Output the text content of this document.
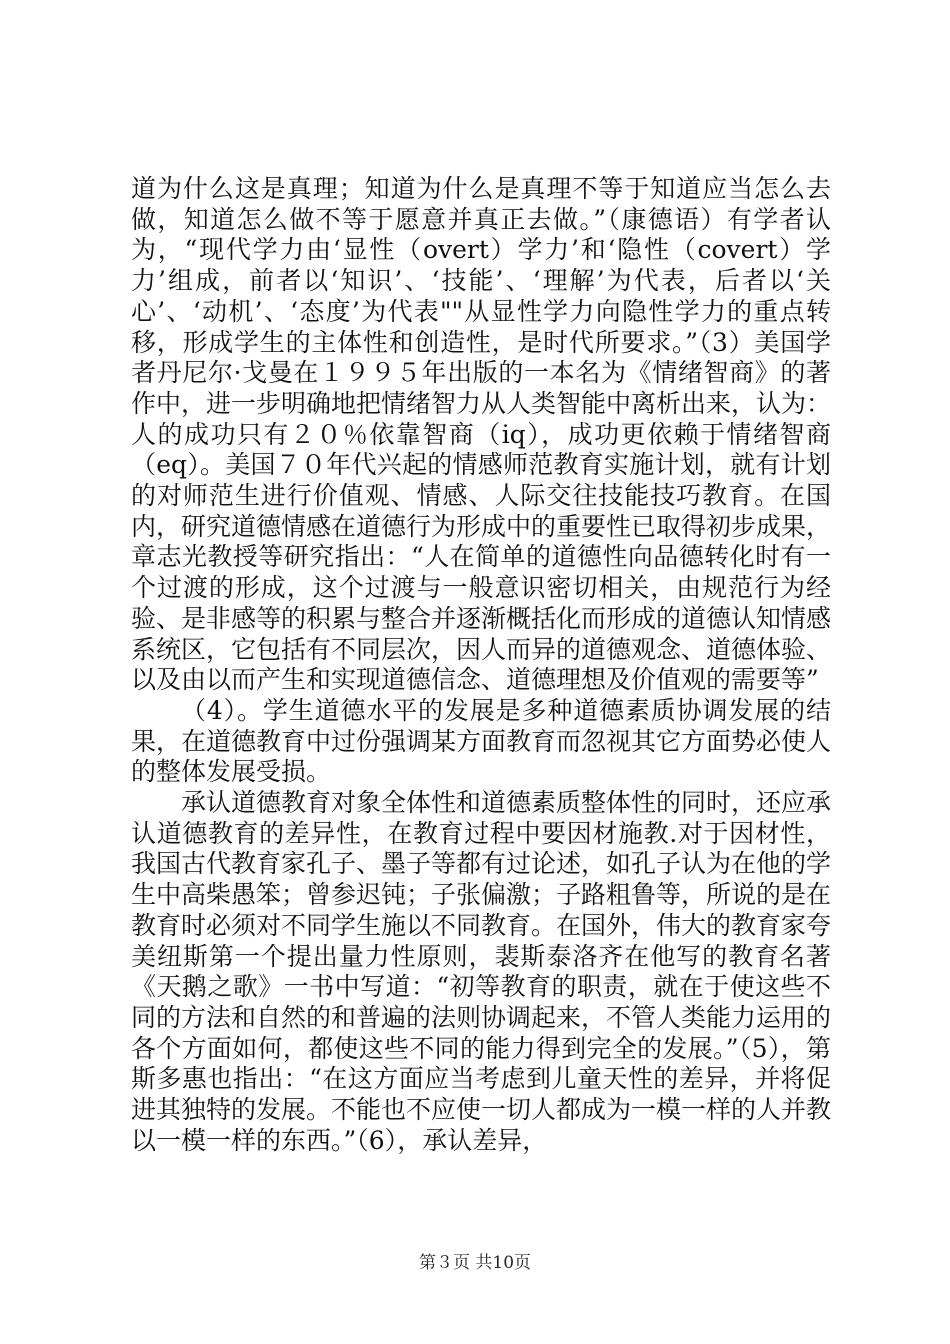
道为什么这是真理；知道为什么是真理不等于知道应当怎么去做，知道怎么做不等于愿意并真正去做。”（康德语）有学者认为，“现代学力由‘显性（overt）学力’和‘隐性（covert）学力’组成，前者以‘知识’、‘技能’、‘理解’为代表，后者以‘关心’、‘动机’、‘态度’为代表""从显性学力向隐性学力的重点转移，形成学生的主体性和创造性，是时代所要求。”（3）美国学者丹尼尔·戈曼在１９９５年出版的一本名为《情绪智商》的著作中，进一步明确地把情绪智力从人类智能中离析出来，认为：人的成功只有２０％依靠智商（iq），成功更依赖于情绪智商（eq）。美国７０年代兴起的情感师范教育实施计划，就有计划的对师范生进行价值观、情感、人际交往技能技巧教育。在国内，研究道德情感在道德行为形成中的重要性已取得初步成果，章志光教授等研究指出：“人在简单的道德性向品德转化时有一个过渡的形成，这个过渡与一般意识密切相关，由规范行为经验、是非感等的积累与整合并逐渐概括化而形成的道德认知情感系统区，它包括有不同层次，因人而异的道德观念、道德体验、以及由以而产生和实现道德信念、道德理想及价值观的需要等”

（4）。学生道德水平的发展是多种道德素质协调发展的结果，在道德教育中过份强调某方面教育而忽视其它方面势必使人的整体发展受损。

承认道德教育对象全体性和道德素质整体性的同时，还应承认道德教育的差异性，在教育过程中要因材施教.对于因材性，我国古代教育家孔子、墨子等都有过论述，如孔子认为在他的学生中高柴愚笨；曾参迟钝；子张偏激；子路粗鲁等，所说的是在教育时必须对不同学生施以不同教育。在国外，伟大的教育家夸美纽斯第一个提出量力性原则，裴斯泰洛齐在他写的教育名著《天鹅之歌》一书中写道：“初等教育的职责，就在于使这些不同的方法和自然的和普遍的法则协调起来，不管人类能力运用的各个方面如何，都使这些不同的能力得到完全的发展。”（5），第斯多惠也指出：“在这方面应当考虑到儿童天性的差异，并将促进其独特的发展。不能也不应使一切人都成为一模一样的人并教以一模一样的东西。”（6），承认差异，

第３页 共10页
